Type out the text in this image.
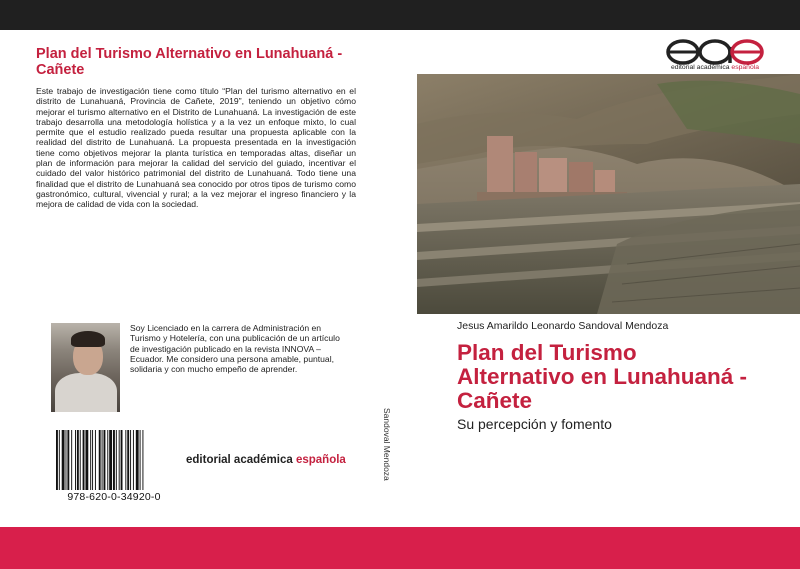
Plan del Turismo Alternativo en Lunahuaná - Cañete
Este trabajo de investigación tiene como título “Plan del turismo alternativo en el distrito de Lunahuaná, Provincia de Cañete, 2019”, teniendo un objetivo cómo mejorar el turismo alternativo en el Distrito de Lunahuaná. La investigación de este trabajo desarrolla una metodología holística y a la vez un enfoque mixto, lo cual permite que el estudio realizado pueda resultar una propuesta aplicable con la realidad del distrito de Lunahuaná. La propuesta presentada en la investigación tiene como objetivos mejorar la planta turística en temporadas altas, diseñar un plan de información para mejorar la calidad del servicio del guiado, incentivar el cuidado del valor histórico patrimonial del distrito de Lunahuaná. Todo tiene una finalidad que el distrito de Lunahuaná sea conocido por otros tipos de turismo como gastronómico, cultural, vivencial y rural; a la vez mejorar el ingreso financiero y la mejora de calidad de vida con la sociedad.
Soy Licenciado en la carrera de Administración en Turismo y Hotelería, con una publicación de un artículo de investigación publicado en la revista INNOVA – Ecuador. Me considero una persona amable, puntual, solidaria y con mucho empeño de aprender.
978-620-0-34920-0
editorial académica española	Sandoval Mendoza
editorial académica española
Jesus Amarildo Leonardo Sandoval Mendoza
Plan del Turismo Alternativo en Lunahuaná - Cañete
Su percepción y fomento
